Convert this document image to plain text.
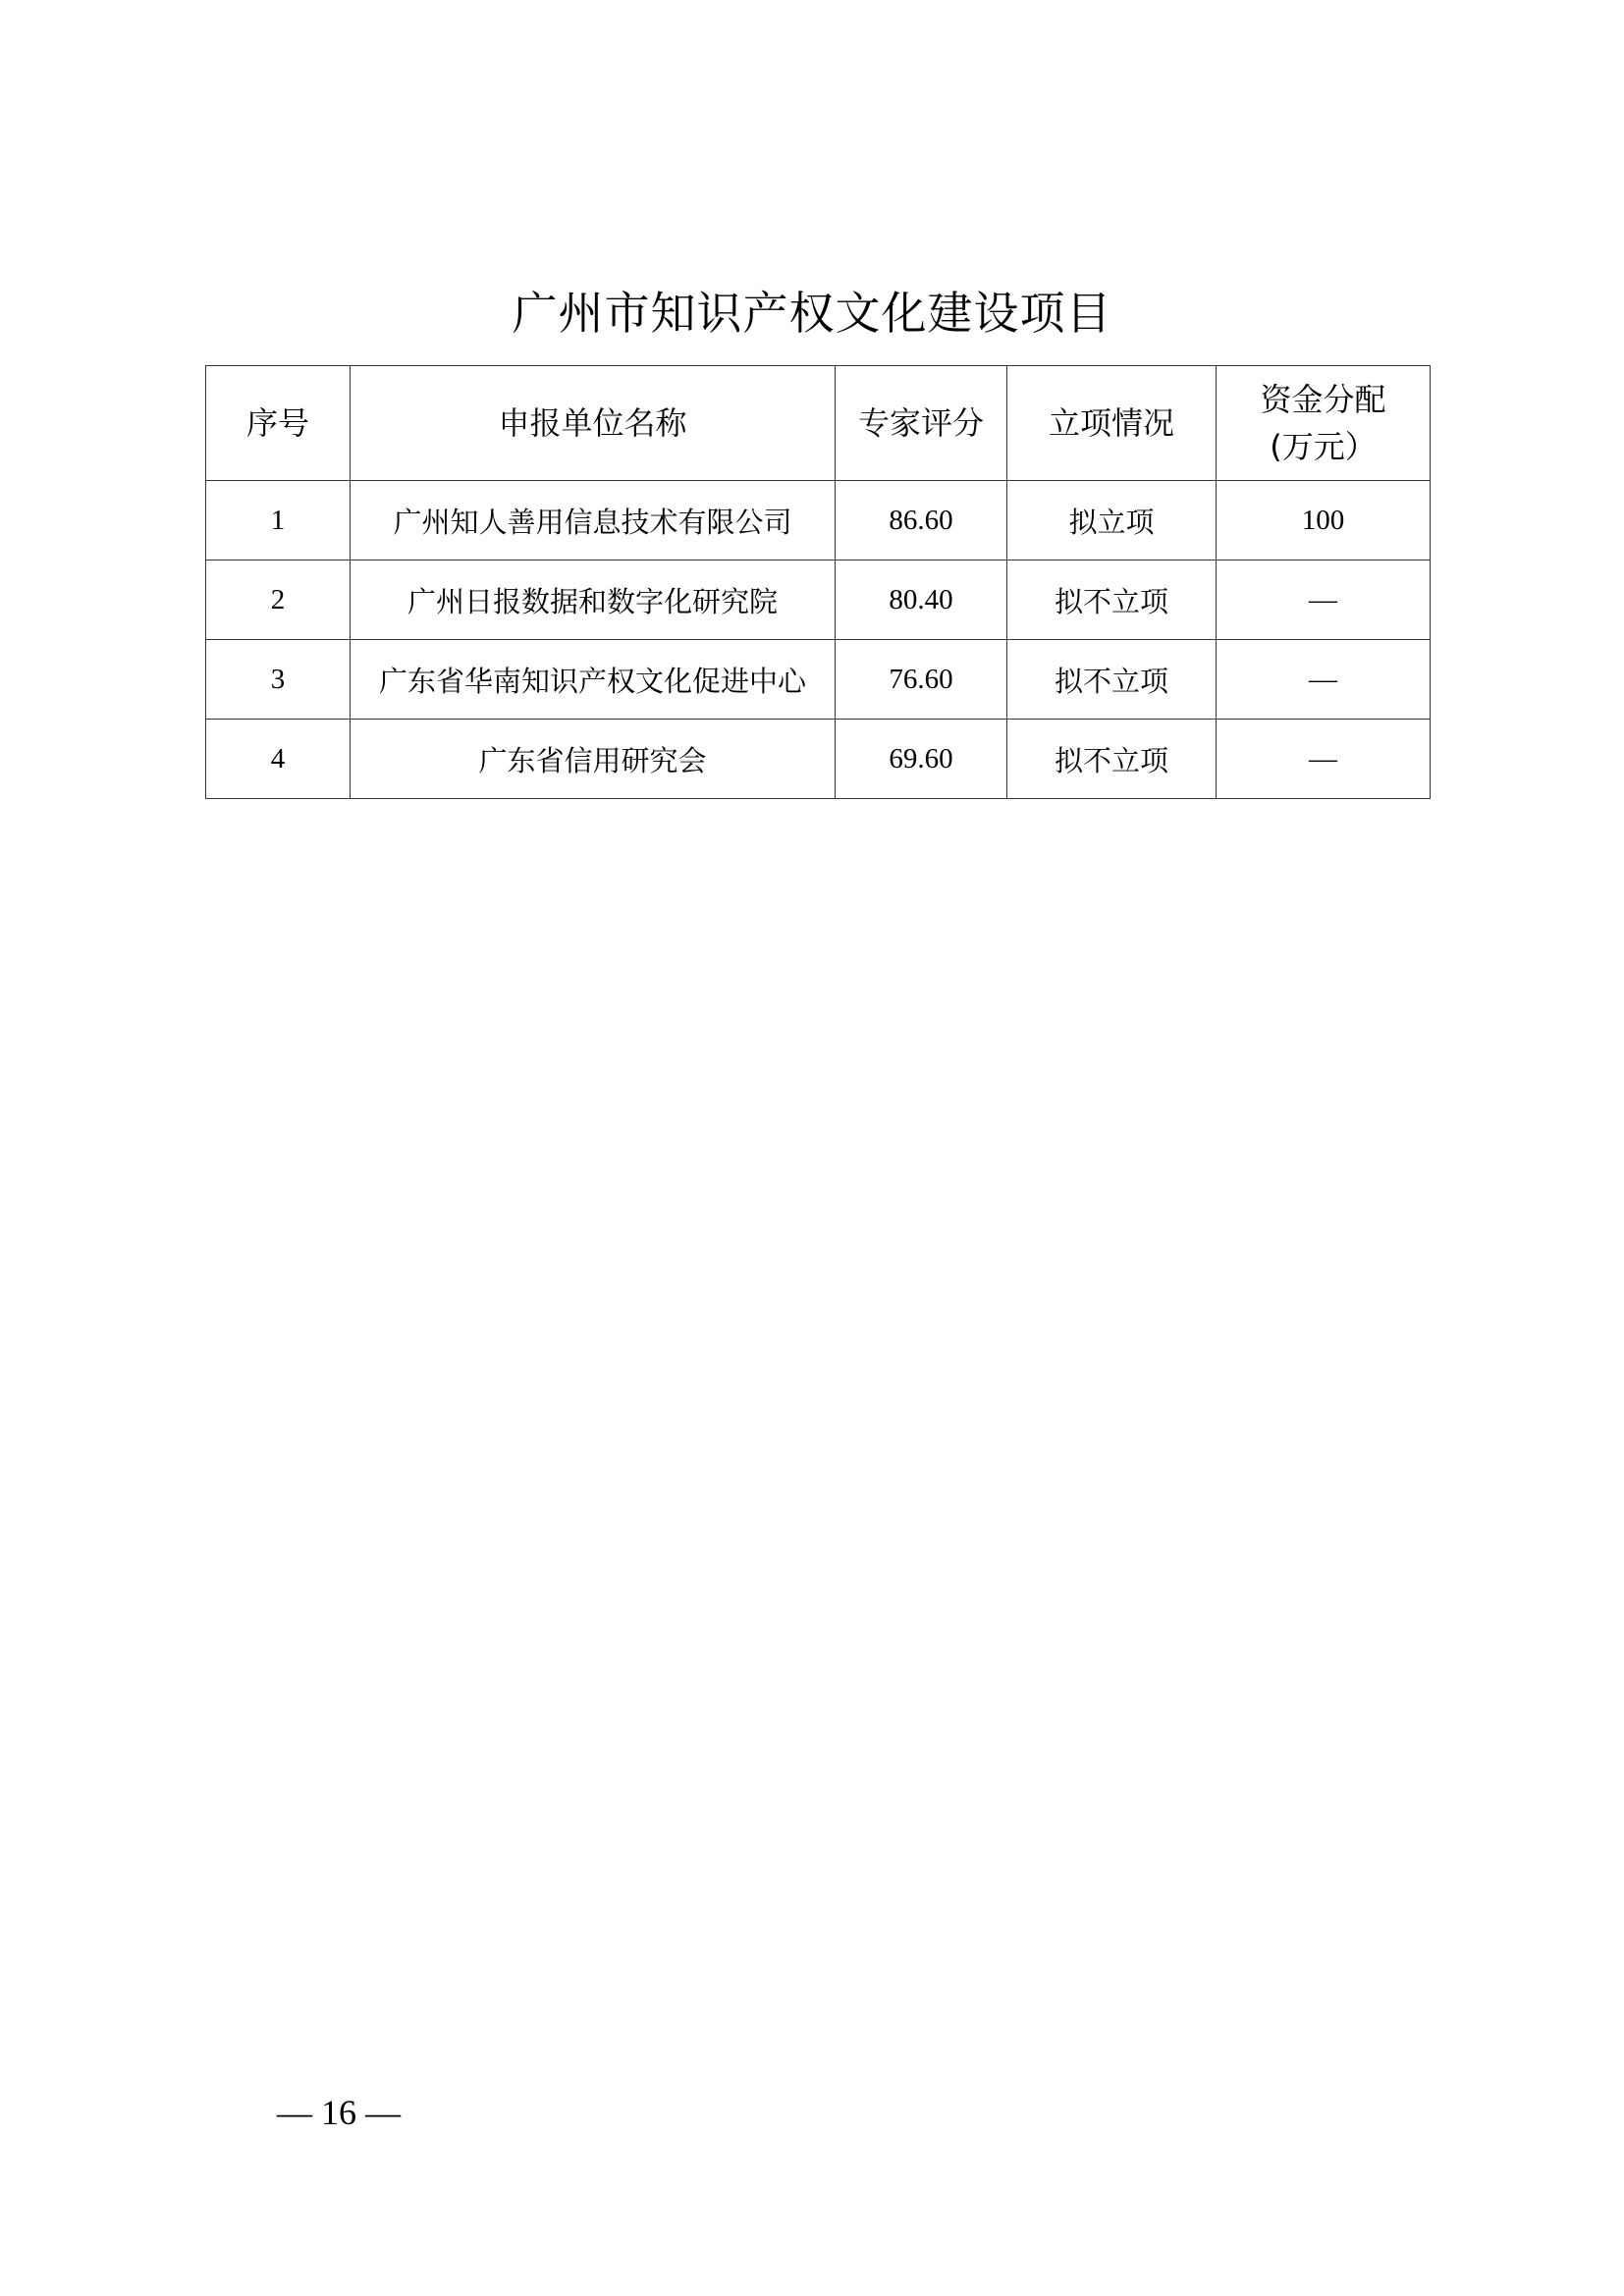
广州市知识产权文化建设项目
序号	申报单位名称	专家评分	立项情况	资金分配
(万元）

1	广州知人善用信息技术有限公司	86.60	拟立项	100
2	广州日报数据和数字化研究院	80.40	拟不立项	—
3	广东省华南知识产权文化促进中心	76.60	拟不立项	—
4	广东省信用研究会	69.60	拟不立项	—
— 16 —
